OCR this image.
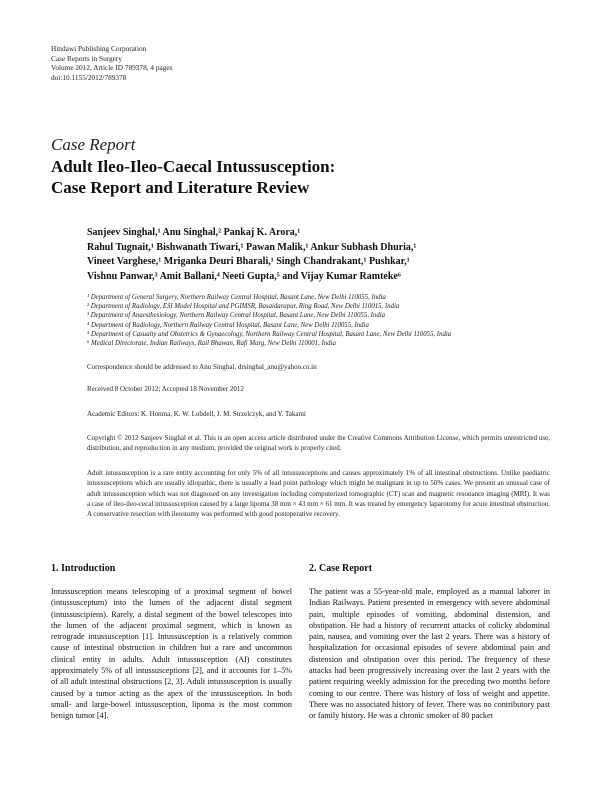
Hindawi Publishing Corporation
Case Reports in Surgery
Volume 2012, Article ID 789378, 4 pages
doi:10.1155/2012/789378
Case Report
Adult Ileo-Ileo-Caecal Intussusception:
Case Report and Literature Review
Sanjeev Singhal,¹ Anu Singhal,² Pankaj K. Arora,¹
Rahul Tugnait,¹ Bishwanath Tiwari,¹ Pawan Malik,¹ Ankur Subhash Dhuria,¹
Vineet Varghese,¹ Mriganka Deuri Bharali,¹ Singh Chandrakant,¹ Pushkar,¹
Vishnu Panwar,³ Amit Ballani,⁴ Neeti Gupta,⁵ and Vijay Kumar Ramteke⁶
¹ Department of General Surgery, Northern Railway Central Hospital, Basant Lane, New Delhi 110055, India
² Department of Radiology, ESI Model Hospital and PGIMSR, Basaidarapur, Ring Road, New Delhi 110015, India
³ Department of Anaesthesiology, Northern Railway Central Hospital, Basant Lane, New Delhi 110055, India
⁴ Department of Radiology, Northern Railway Central Hospital, Basant Lane, New Delhi 110055, India
⁵ Department of Casualty and Obstetrics & Gynaecology, Northern Railway Central Hospital, Basant Lane, New Delhi 110055, India
⁶ Medical Directorate, Indian Railways, Rail Bhawan, Rafi Marg, New Delhi 110001, India
Correspondence should be addressed to Anu Singhal, drsinghal_anu@yahoo.co.in
Received 8 October 2012; Accepted 18 November 2012
Academic Editors: K. Honma, K. W. Lobdell, J. M. Strzelczyk, and Y. Takami
Copyright © 2012 Sanjeev Singhal et al. This is an open access article distributed under the Creative Commons Attribution License, which permits unrestricted use, distribution, and reproduction in any medium, provided the original work is properly cited.
Adult intussusception is a rare entity accounting for only 5% of all intussusceptions and causes approximately 1% of all intestinal obstructions. Unlike paediatric intussusceptions which are usually idiopathic, there is usually a lead point pathology which might be malignant in up to 50% cases. We present an unusual case of adult intussusception which was not diagnosed on any investigation including computerized tomographic (CT) scan and magnetic resonance imaging (MRI). It was a case of ileo-ileo-cecal intussusception caused by a large lipoma 38 mm × 43 mm × 61 mm. It was treated by emergency laparotomy for acute intestinal obstruction. A conservative resection with ileostomy was performed with good postoperative recovery.
1. Introduction
Intussusception means telescoping of a proximal segment of bowel (intussusceptum) into the lumen of the adjacent distal segment (intussuscipiens). Rarely, a distal segment of the bowel telescopes into the lumen of the adjacent proximal segment, which is known as retrograde intussusception [1]. Intussusception is a relatively common cause of intestinal obstruction in children but a rare and uncommon clinical entity in adults. Adult intussusception (AI) constitutes approximately 5% of all intussusceptions [2], and it accounts for 1–5% of all adult intestinal obstructions [2, 3]. Adult intussusception is usually caused by a tumor acting as the apex of the intussusception. In both small- and large-bowel intussusception, lipoma is the most common benign tumor [4].
2. Case Report
The patient was a 55-year-old male, employed as a manual laborer in Indian Railways. Patient presented in emergency with severe abdominal pain, multiple episodes of vomiting, abdominal distension, and obstipation. He had a history of recurrent attacks of colicky abdominal pain, nausea, and vomiting over the last 2 years. There was a history of hospitalization for occasional episodes of severe abdominal pain and distension and obstipation over this period. The frequency of these attacks had been progressively increasing over the last 2 years with the patient requiring weekly admission for the preceding two months before coming to our centre. There was history of loss of weight and appetite. There was no associated history of fever. There was no contributory past or family history. He was a chronic smoker of 80 packet
